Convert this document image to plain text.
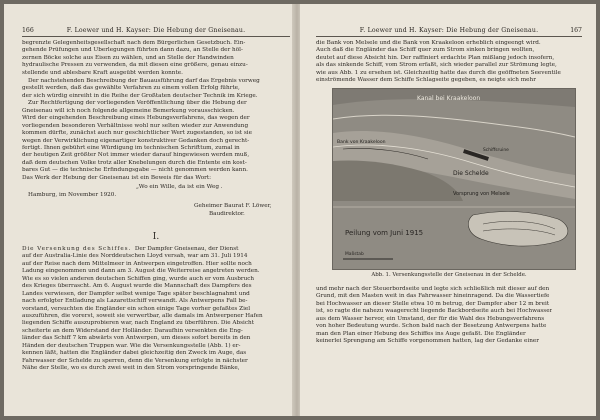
166	F. Loewer und H. Kayser: Die Hebung der Gneisenau.
begrenzte Gelegenheitsgesellschaft nach dem Bürgerlichen Gesetzbuch. Ein-
gehende Prüfungen und Überlegungen führten dann dazu, an Stelle der höl-
zernen Böcke solche aus Eisen zu wählen, und an Stelle der Handwinden
hydraulische Pressen zu verwenden, da mit diesen eine größere, genau einzu-
stellende und ablesbare Kraft ausgeübt werden konnte.
Der nachstehenden Beschreibung der Bauausführung darf das Ergebnis vorweg
gestellt werden, daß das gewählte Verfahren zu einem vollen Erfolg führte,
der sich würdig einreiht in die Reihe der Großtaten deutscher Technik im Kriege.
Zur Rechtfertigung der vorliegenden Veröffentlichung über die Hebung der
Gneisenau will ich noch folgende allgemeine Bemerkung vorausschicken.
Wird der eingehenden Beschreibung eines Hebungsverfahrens, das wegen der
vorliegenden besonderen Verhältnisse wohl nur selten wieder zur Anwendung
kommen dürfte, zunächst auch nur geschichtlicher Wert zugestanden, so ist sie
wegen der Verwirklichung eigenartiger konstruktiver Gedanken doch gerecht-
fertigt. Ihnen gebührt eine Würdigung im technischen Schrifttum, zumal in
der heutigen Zeit größter Not immer wieder darauf hingewiesen werden muß,
daß dem deutschen Volke trotz aller Knebelungen durch die Entente ein kost-
bares Gut — die technische Erfindungsgabe — nicht genommen werden kann.
Das Werk der Hebung der Gneisenau ist ein Beweis für das Wort:
„Wo ein Wille, da ist ein Weg .
Hamburg, im November 1920.
Geheimer Baurat F. Löwer,
Baudirektor.
I.
Die Versenkung des Schiffes. Der Dampfer Gneisenau, der Dienst
auf der Australia-Linie des Norddeutschen Lloyd versah, war am 31. Juli 1914
auf der Reise nach dem Mittelmeer in Antwerpen eingetroffen. Hier sollte noch
Ladung eingenommen und dann am 3. August die Weiterreise angetreten werden.
Wie es so vielen anderen deutschen Schiffen ging, wurde auch er vom Ausbruch
des Krieges überrascht. Am 6. August wurde die Mannschaft des Dampfers des
Landes verwiesen, der Dampfer selbst wenige Tage später beschlagnahmt und
nach erfolgter Entladung als Lazarettschiff verwandt. Als Antwerpens Fall be-
vorstand, versuchten die Engländer ein schon einige Tage vorher gefaßtes Ziel
auszuführen, die vorerst, soweit sie verwertbar, alle damals im Antwerpener Hafen
liegenden Schiffe auszuprobieren war, nach England zu überführen. Die Absicht
scheiterte an dem Widerstand der Holländer. Daraufhin versenkten die Eng-
länder das Schiff 7 km abwärts von Antwerpen, um dieses sofort bereits in den
Händen der deutschen Truppen war. Wie die Versenkungsstelle (Abb. 1) er-
kennen läßt, hatten die Engländer dabei gleichzeitig den Zweck im Auge, das
Fahrwasser der Schelde zu sperren, denn die Versenkung erfolgte in nächster
Nähe der Stelle, wo es durch zwei weit in den Strom vorspringende Bänke,
F. Loewer und H. Kayser: Die Hebung der Gneisenau.	167
die Bank von Melsele und die Bank von Kraakeloon erheblich eingeengt wird.
Auch daß die Engländer das Schiff quer zum Strom sinken bringen wollten,
deutet auf diese Absicht hin. Der raffiniert erdachte Plan mißlang jedoch insofern,
als das sinkende Schiff, vom Strom erfaßt, sich wieder parallel zur Strömung legte,
wie aus Abb. 1 zu ersehen ist. Gleichzeitig hatte das durch die geöffneten Seeventile
einströmende Wasser dem Schiffe Schlagseite gegeben, es neigte sich mehr
Kanal bei Kraakeloon
Bank von Kraakeloon
Die Schelde
Vorsprung von Melsele
Schiffsruine
Peilung vom Juni 1915
Maßstab
Abb. 1. Versenkungsstelle der Gneisenau in der Schelde.
und mehr nach der Steuerbordseite und legte sich schließlich mit dieser auf den
Grund, mit den Masten weit in das Fahrwasser hineinragend. Da die Wassertiefe
bei Hochwasser an dieser Stelle etwa 10 m betrug, der Dampfer aber 12 m breit
ist, so ragte die nahezu waagerecht liegende Backbordseite auch bei Hochwasser
aus dem Wasser hervor, ein Umstand, der für die Wahl des Hebungsverfahrens
von hoher Bedeutung wurde. Schon bald nach der Besetzung Antwerpens hatte
man den Plan einer Hebung des Schiffes ins Auge gefaßt. Die Engländer
keinerlei Sprengung am Schiffe vorgenommen hatten, lag der Gedanke einer
